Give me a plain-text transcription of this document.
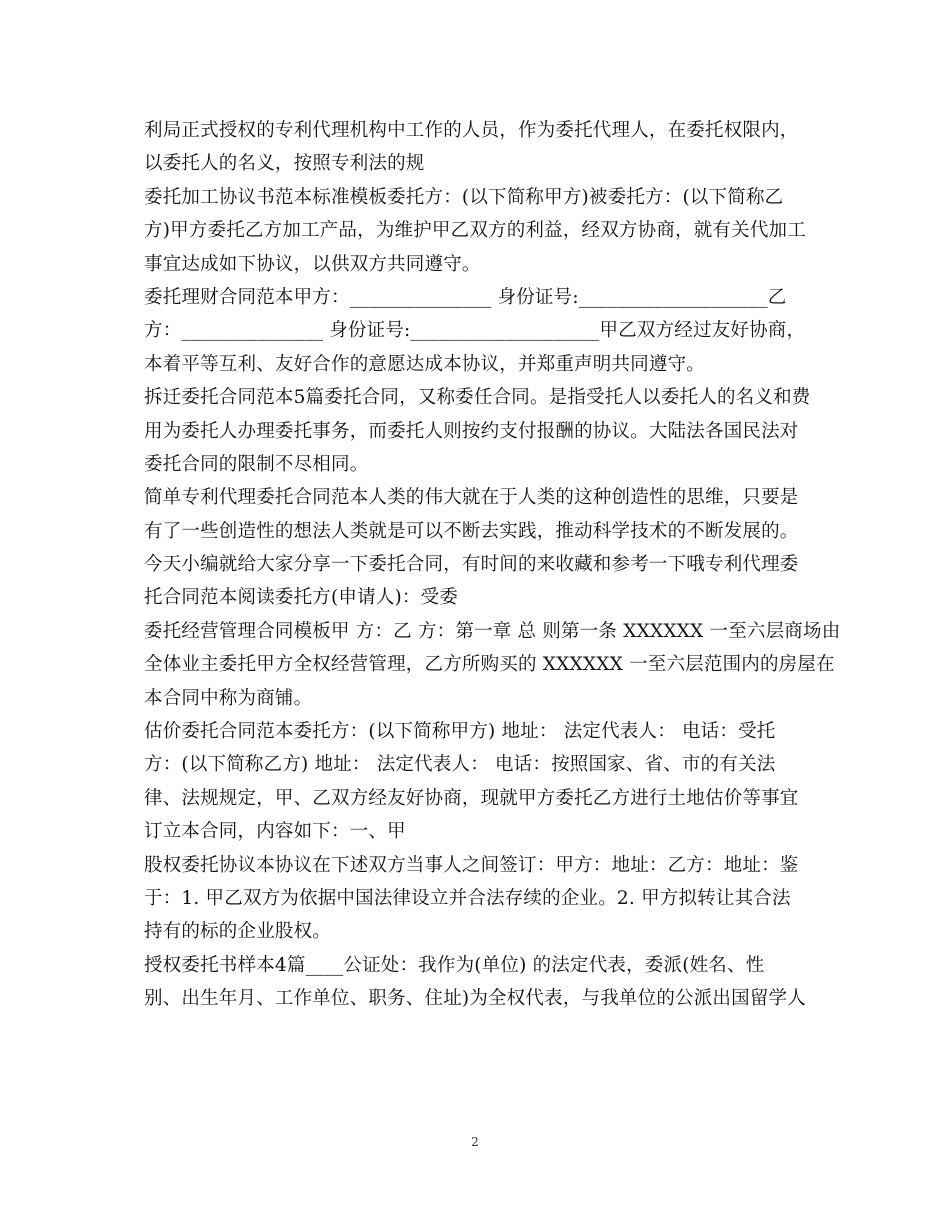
利局正式授权的专利代理机构中工作的人员，作为委托代理人，在委托权限内，
以委托人的名义，按照专利法的规
委托加工协议书范本标准模板委托方：(以下简称甲方)被委托方：(以下简称乙
方)甲方委托乙方加工产品，为维护甲乙双方的利益，经双方协商，就有关代加工
事宜达成如下协议，以供双方共同遵守。
委托理财合同范本甲方：_______________ 身份证号:____________________乙
方：_______________ 身份证号:____________________甲乙双方经过友好协商，
本着平等互利、友好合作的意愿达成本协议，并郑重声明共同遵守。
拆迁委托合同范本5篇委托合同，又称委任合同。是指受托人以委托人的名义和费
用为委托人办理委托事务，而委托人则按约支付报酬的协议。大陆法各国民法对
委托合同的限制不尽相同。
简单专利代理委托合同范本人类的伟大就在于人类的这种创造性的思维，只要是
有了一些创造性的想法人类就是可以不断去实践，推动科学技术的不断发展的。
今天小编就给大家分享一下委托合同，有时间的来收藏和参考一下哦专利代理委
托合同范本阅读委托方(申请人)：受委
委托经营管理合同模板甲 方：乙 方：第一章 总 则第一条 XXXXXX 一至六层商场由
全体业主委托甲方全权经营管理，乙方所购买的 XXXXXX 一至六层范围内的房屋在
本合同中称为商铺。
估价委托合同范本委托方：(以下简称甲方) 地址： 法定代表人： 电话：受托
方：(以下简称乙方) 地址： 法定代表人： 电话：按照国家、省、市的有关法
律、法规规定，甲、乙双方经友好协商，现就甲方委托乙方进行土地估价等事宜
订立本合同，内容如下：一、甲
股权委托协议本协议在下述双方当事人之间签订：甲方：地址：乙方：地址：鉴
于：1. 甲乙双方为依据中国法律设立并合法存续的企业。2. 甲方拟转让其合法
持有的标的企业股权。
授权委托书样本4篇____公证处：我作为(单位) 的法定代表，委派(姓名、性
别、出生年月、工作单位、职务、住址)为全权代表，与我单位的公派出国留学人
2
